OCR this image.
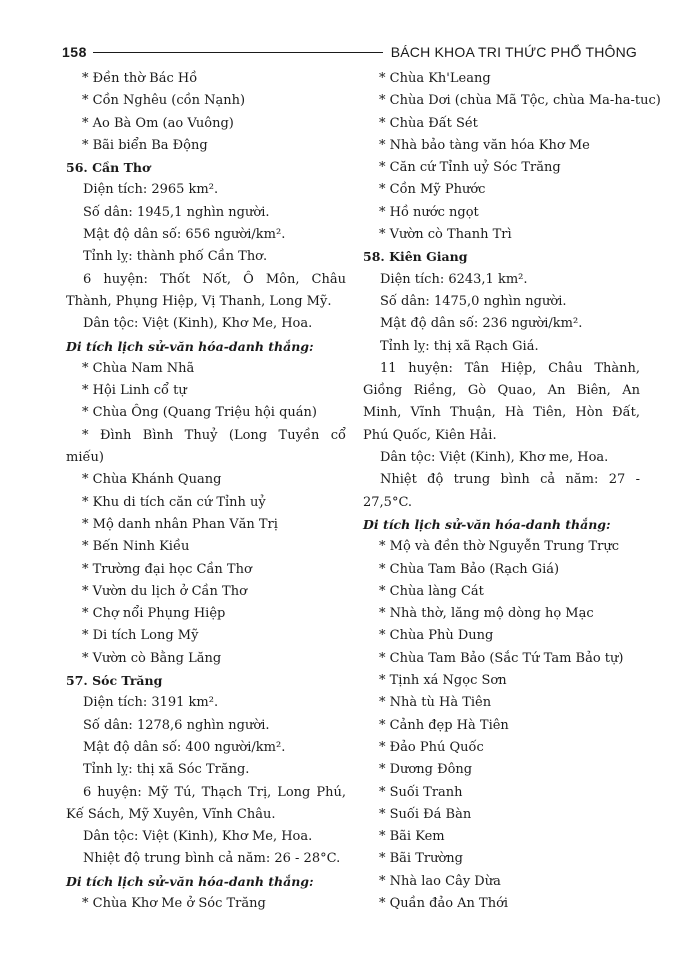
158	BÁCH KHOA TRI THỨC PHỔ THÔNG
* Đền thờ Bác Hồ
* Cồn Nghêu (cồn Nạnh)
* Ao Bà Om (ao Vuông)
* Bãi biển Ba Động
56. Cần Thơ
Diện tích: 2965 km².
Số dân: 1945,1 nghìn người.
Mật độ dân số: 656 người/km².
Tỉnh lỵ: thành phố Cần Thơ.
6 huyện: Thốt Nốt, Ô Môn, Châu
Thành, Phụng Hiệp, Vị Thanh, Long Mỹ.
Dân tộc: Việt (Kinh), Khơ Me, Hoa.
Di tích lịch sử-văn hóa-danh thắng:
* Chùa Nam Nhã
* Hội Linh cổ tự
* Chùa Ông (Quang Triệu hội quán)
* Đình Bình Thuỷ (Long Tuyền cổ
miếu)
* Chùa Khánh Quang
* Khu di tích căn cứ Tỉnh uỷ
* Mộ danh nhân Phan Văn Trị
* Bến Ninh Kiều
* Trường đại học Cần Thơ
* Vườn du lịch ở Cần Thơ
* Chợ nổi Phụng Hiệp
* Di tích Long Mỹ
* Vườn cò Bằng Lăng
57. Sóc Trăng
Diện tích: 3191 km².
Số dân: 1278,6 nghìn người.
Mật độ dân số: 400 người/km².
Tỉnh lỵ: thị xã Sóc Trăng.
6 huyện: Mỹ Tú, Thạch Trị, Long Phú,
Kế Sách, Mỹ Xuyên, Vĩnh Châu.
Dân tộc: Việt (Kinh), Khơ Me, Hoa.
Nhiệt độ trung bình cả năm: 26 - 28°C.
Di tích lịch sử-văn hóa-danh thắng:
* Chùa Khơ Me ở Sóc Trăng
* Chùa Kh'Leang
* Chùa Dơi (chùa Mã Tộc, chùa Ma-ha-tuc)
* Chùa Đất Sét
* Nhà bảo tàng văn hóa Khơ Me
* Căn cứ Tỉnh uỷ Sóc Trăng
* Cồn Mỹ Phước
* Hồ nước ngọt
* Vườn cò Thanh Trì
58. Kiên Giang
Diện tích: 6243,1 km².
Số dân: 1475,0 nghìn người.
Mật độ dân số: 236 người/km².
Tỉnh lỵ: thị xã Rạch Giá.
11 huyện: Tân Hiệp, Châu Thành,
Giồng Riềng, Gò Quao, An Biên, An
Minh, Vĩnh Thuận, Hà Tiên, Hòn Đất,
Phú Quốc, Kiên Hải.
Dân tộc: Việt (Kinh), Khơ me, Hoa.
Nhiệt độ trung bình cả năm: 27 -
27,5°C.
Di tích lịch sử-văn hóa-danh thắng:
* Mộ và đền thờ Nguyễn Trung Trực
* Chùa Tam Bảo (Rạch Giá)
* Chùa làng Cát
* Nhà thờ, lăng mộ dòng họ Mạc
* Chùa Phù Dung
* Chùa Tam Bảo (Sắc Tứ Tam Bảo tự)
* Tịnh xá Ngọc Sơn
* Nhà tù Hà Tiên
* Cảnh đẹp Hà Tiên
* Đảo Phú Quốc
* Dương Đông
* Suối Tranh
* Suối Đá Bàn
* Bãi Kem
* Bãi Trường
* Nhà lao Cây Dừa
* Quần đảo An Thới
